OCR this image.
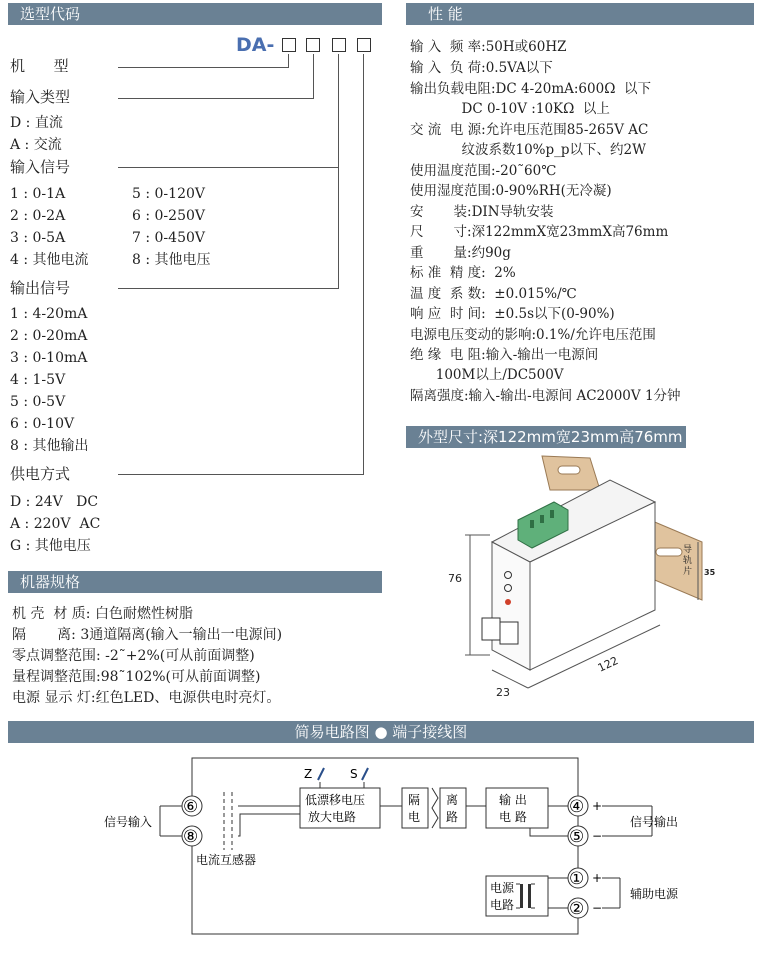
选型代码	性 能
外型尺寸:深122mm宽23mm高76mm
机器规格
简易电路图 ● 端子接线图
DA-
机      型
输入类型
D : 直流
A : 交流
输入信号
1 : 0-1A	5 : 0-120V
2 : 0-2A	6 : 0-250V
3 : 0-5A	7 : 0-450V
4 : 其他电流	8 : 其他电压
输出信号
1 : 4-20mA
2 : 0-20mA
3 : 0-10mA
4 : 1-5V
5 : 0-5V
6 : 0-10V
8 : 其他输出
供电方式
D : 24V   DC
A : 220V  AC
G : 其他电压
输 入  频 率:50H或60HZ
输 入  负 荷:0.5VA以下
输出负载电阻:DC 4-20mA:600Ω  以下
DC 0-10V :10KΩ  以上
交 流  电 源:允许电压范围85-265V AC
纹波系数10%p_p以下、约2W
使用温度范围:-20˜60℃
使用湿度范围:0-90%RH(无冷凝)
安       装:DIN导轨安装
尺       寸:深122mmX宽23mmX高76mm
重       量:约90g
标 准  精 度:  2%
温 度  系 数:  ±0.015%/℃
响 应  时 间:  ±0.5s以下(0-90%)
电源电压变动的影响:0.1%/允许电压范围
绝 缘  电 阻:输入-输出一电源间
100M以上/DC500V
隔离强度:输入-输出-电源间 AC2000V 1分钟
76
122
23
35
导轨片
机 壳  材 质: 白色耐燃性树脂
隔       离: 3通道隔离(输入一输出一电源间)
零点调整范围: -2˜+2%(可从前面调整)
量程调整范围:98˜102%(可从前面调整)
电源 显示 灯:红色LED、电源供电时亮灯。
⑥
⑧
信号输入
电流互感器
低漂移电压
放大电路
Z	S
隔
电
离
路
输 出
电 路 ④
⑤
+
−
信号输出
电源
电路
①
②
+
−
辅助电源
